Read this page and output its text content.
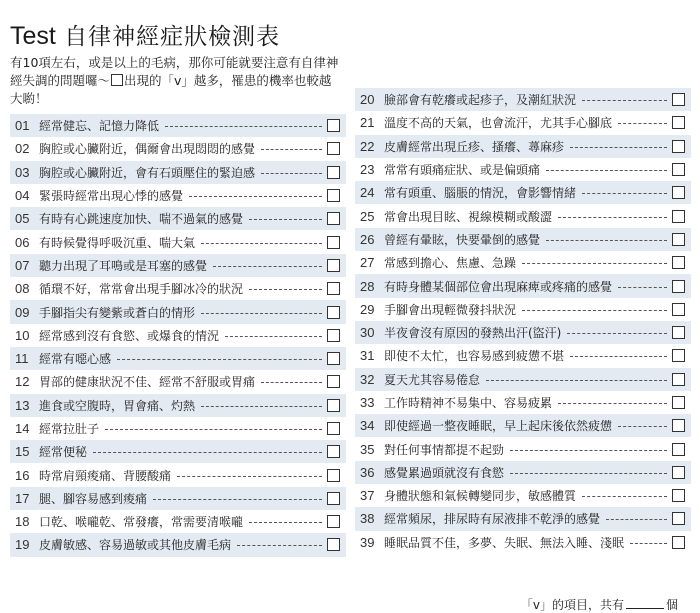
Test 自律神經症狀檢測表
有10項左右，或是以上的毛病，那你可能就要注意有自律神經失調的問題囉～ 出現的「v」越多，罹患的機率也較越大喲！
01 經常健忘、記憶力降低
02 胸腔或心臟附近，偶爾會出現悶悶的感覺
03 胸腔或心臟附近，會有石頭壓住的緊迫感
04 緊張時經常出現心悸的感覺
05 有時有心跳速度加快、喘不過氣的感覺
06 有時候覺得呼吸沉重、喘大氣
07 聽力出現了耳鳴或是耳塞的感覺
08 循環不好，常常會出現手腳冰冷的狀況
09 手腳指尖有變紫或蒼白的情形
10 經常感到沒有食慾、或爆食的情況
11 經常有噁心感
12 胃部的健康狀況不佳、經常不舒服或胃痛
13 進食或空腹時，胃會痛、灼熱
14 經常拉肚子
15 經常便秘
16 時常肩頸痠痛、背腰酸痛
17 腿、腳容易感到痠痛
18 口乾、喉嚨乾、常發癢，常需要清喉嚨
19 皮膚敏感、容易過敏或其他皮膚毛病
20 臉部會有乾癢或起疹子，及潮紅狀況
21 溫度不高的天氣，也會流汗，尤其手心腳底
22 皮膚經常出現丘疹、搔癢、蕁麻疹
23 常常有頭痛症狀、或是偏頭痛
24 常有頭重、腦脹的情況，會影響情緒
25 常會出現目眩、視線模糊或酸澀
26 曾經有暈眩，快要暈倒的感覺
27 常感到擔心、焦慮、急躁
28 有時身體某個部位會出現麻痺或疼痛的感覺
29 手腳會出現輕微發抖狀況
30 半夜會沒有原因的發熱出汗(盜汗)
31 即使不太忙，也容易感到疲憊不堪
32 夏天尤其容易倦怠
33 工作時精神不易集中、容易疲累
34 即使經過一整夜睡眠，早上起床後依然疲憊
35 對任何事情都提不起勁
36 感覺累過頭就沒有食慾
37 身體狀態和氣候轉變同步，敏感體質
38 經常頻尿，排尿時有尿液排不乾淨的感覺
39 睡眠品質不佳，多夢、失眠、無法入睡、淺眠
「v」的項目，共有	個
